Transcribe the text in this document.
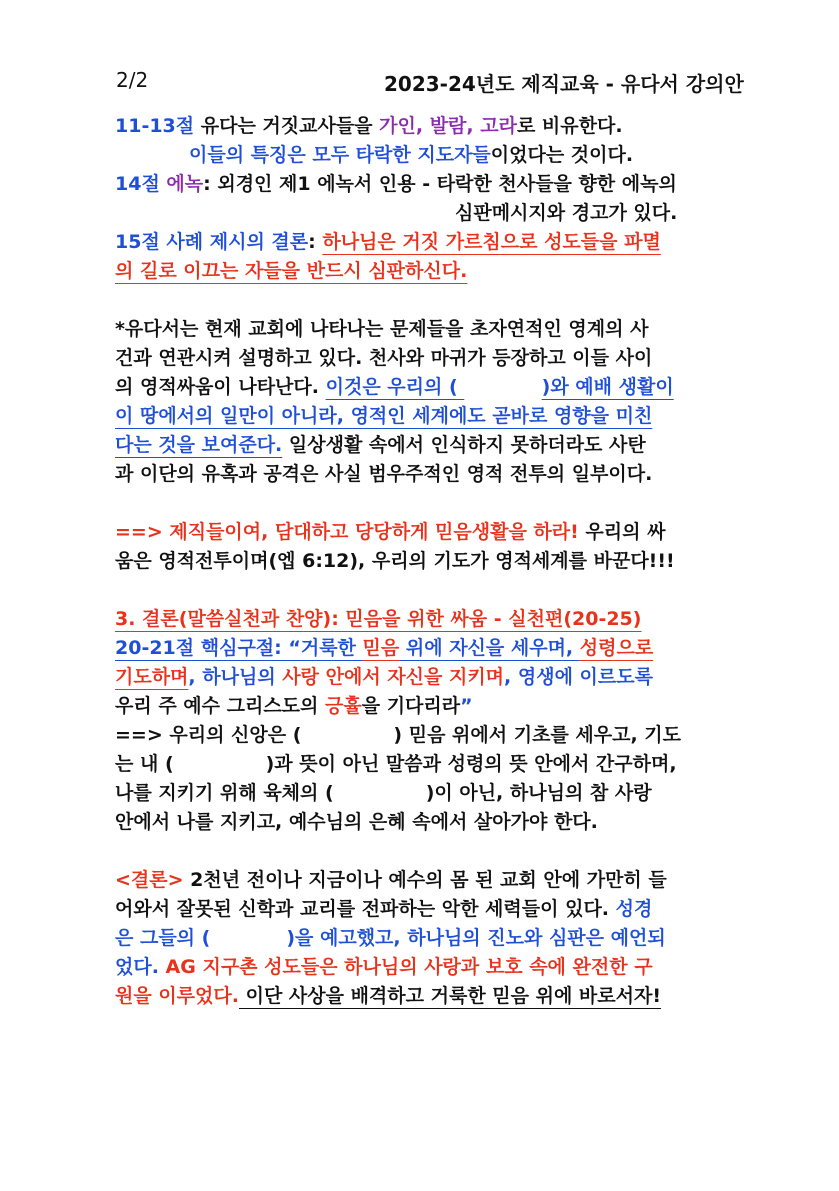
2/2	2023-24년도 제직교육 - 유다서 강의안
11-13절 유다는 거짓교사들을 가인, 발람, 고라로 비유한다.
이들의 특징은 모두 타락한 지도자들이었다는 것이다.
14절 에녹: 외경인 제1 에녹서 인용 - 타락한 천사들을 향한 에녹의
심판메시지와 경고가 있다.
15절 사례 제시의 결론: 하나님은 거짓 가르침으로 성도들을 파멸
의 길로 이끄는 자들을 반드시 심판하신다.
*유다서는 현재 교회에 나타나는 문제들을 초자연적인 영계의 사
건과 연관시켜 설명하고 있다. 천사와 마귀가 등장하고 이들 사이
의 영적싸움이 나타난다. 이것은 우리의 (	)와 예배 생활이
이 땅에서의 일만이 아니라, 영적인 세계에도 곧바로 영향을 미친
다는 것을 보여준다. 일상생활 속에서 인식하지 못하더라도 사탄
과 이단의 유혹과 공격은 사실 범우주적인 영적 전투의 일부이다.
==> 제직들이여, 담대하고 당당하게 믿음생활을 하라! 우리의 싸
움은 영적전투이며(엡 6:12), 우리의 기도가 영적세계를 바꾼다!!!
3. 결론(말씀실천과 찬양): 믿음을 위한 싸움 - 실천편(20-25)
20-21절 핵심구절: “거룩한 믿음 위에 자신을 세우며, 성령으로
기도하며, 하나님의 사랑 안에서 자신을 지키며, 영생에 이르도록
우리 주 예수 그리스도의 긍휼을 기다리라”
==> 우리의 신앙은 (	) 믿음 위에서 기초를 세우고, 기도
는 내 (	)과 뜻이 아닌 말씀과 성령의 뜻 안에서 간구하며,
나를 지키기 위해 육체의 (	)이 아닌, 하나님의 참 사랑
안에서 나를 지키고, 예수님의 은혜 속에서 살아가야 한다.
<결론> 2천년 전이나 지금이나 예수의 몸 된 교회 안에 가만히 들
어와서 잘못된 신학과 교리를 전파하는 악한 세력들이 있다. 성경
은 그들의 (	)을 예고했고, 하나님의 진노와 심판은 예언되
었다. AG 지구촌 성도들은 하나님의 사랑과 보호 속에 완전한 구
원을 이루었다. 이단 사상을 배격하고 거룩한 믿음 위에 바로서자!
